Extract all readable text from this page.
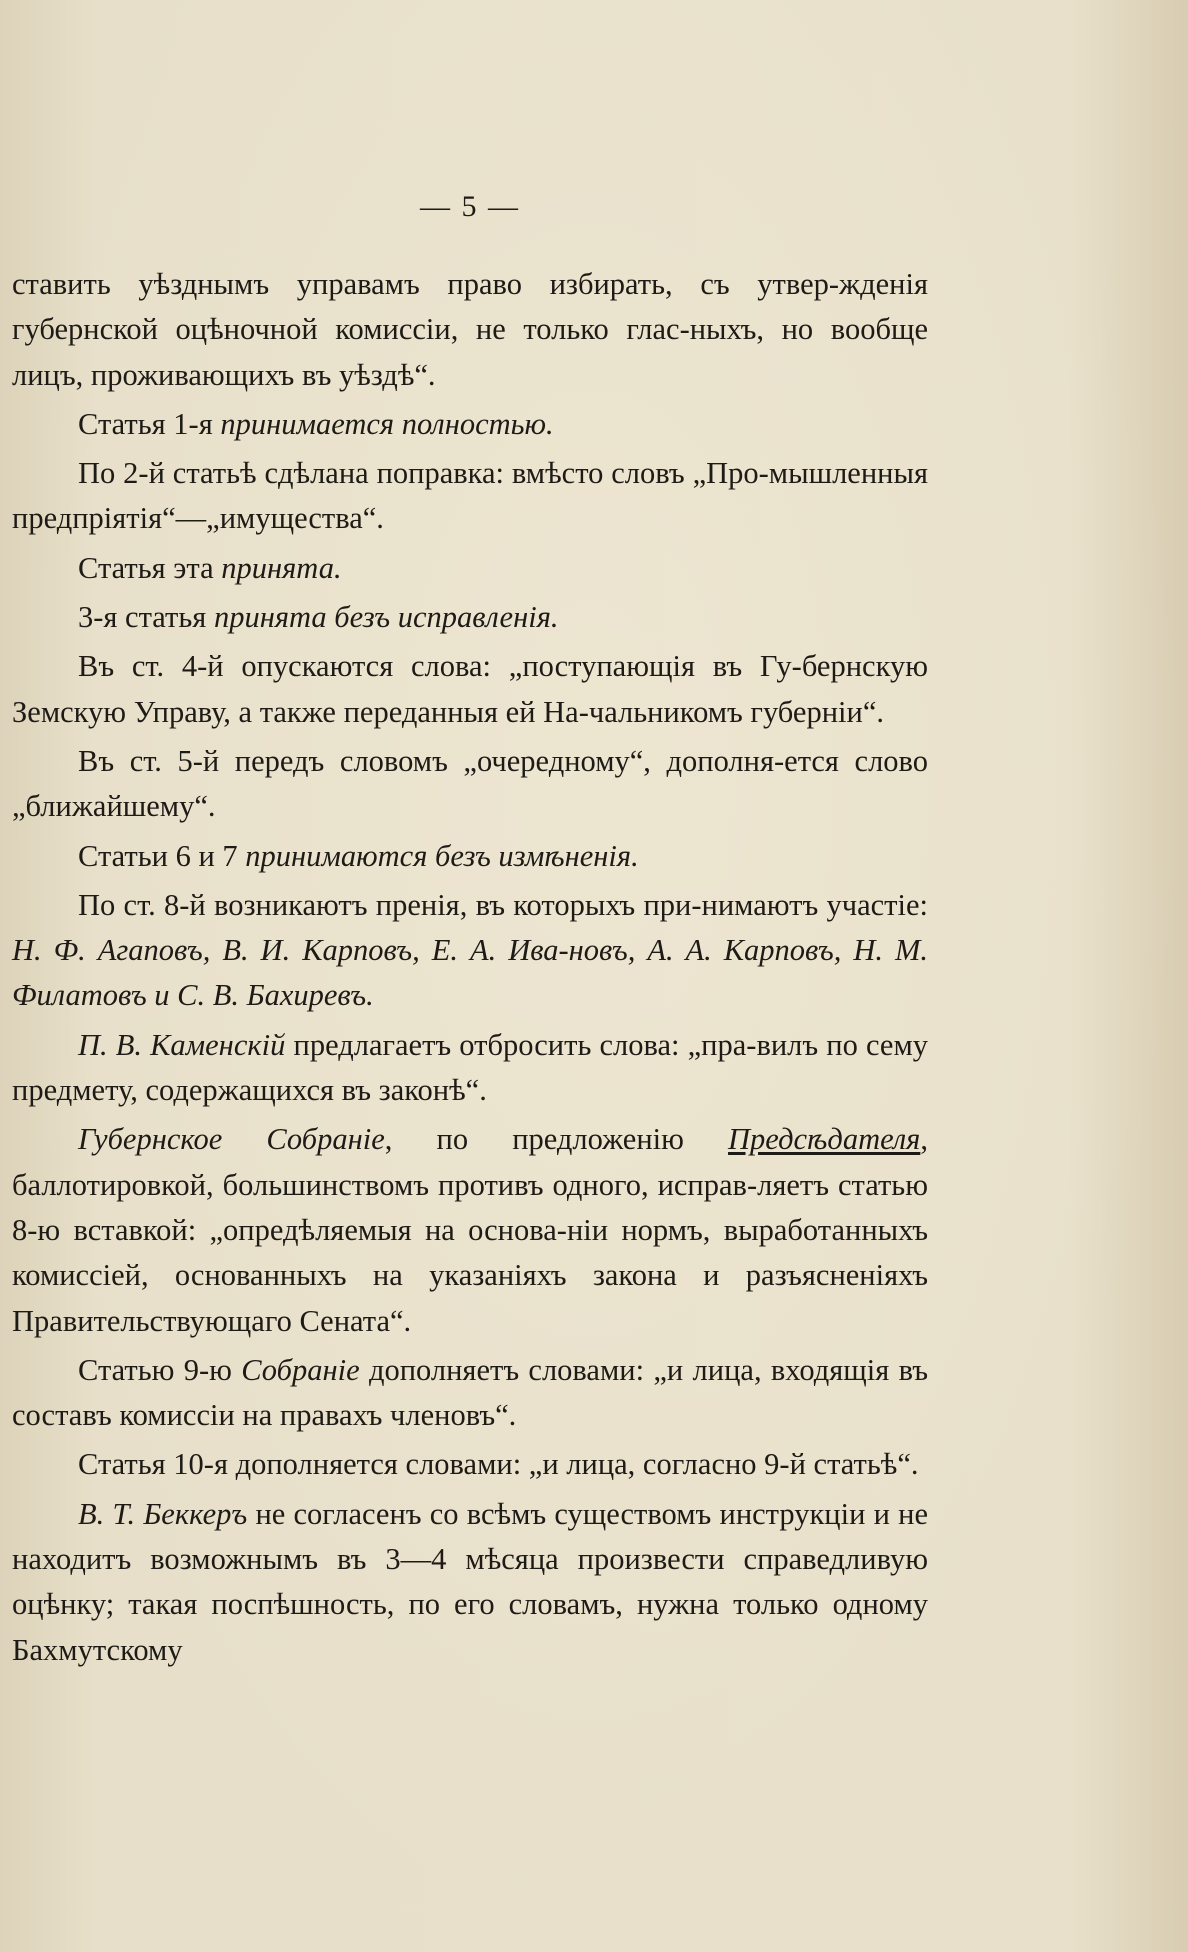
— 5 —

ставить уѣзднымъ управамъ право избирать, съ утвер-жденія губернской оцѣночной комиссіи, не только глас-ныхъ, но вообще лицъ, проживающихъ въ уѣздѣ“.

Статья 1-я принимается полностью.

По 2-й статьѣ сдѣлана поправка: вмѣсто словъ „Про-мышленныя предпріятія“—„имущества“.

Статья эта принята.

3-я статья принята безъ исправленія.

Въ ст. 4-й опускаются слова: „поступающія въ Гу-бернскую Земскую Управу, а также переданныя ей На-чальникомъ губерніи“.

Въ ст. 5-й передъ словомъ „очередному“, дополня-ется слово „ближайшему“.

Статьи 6 и 7 принимаются безъ измѣненія.

По ст. 8-й возникаютъ пренія, въ которыхъ при-нимаютъ участіе: Н. Ф. Агаповъ, В. И. Карповъ, Е. А. Ива-новъ, А. А. Карповъ, Н. М. Филатовъ и С. В. Бахиревъ.

П. В. Каменскій предлагаетъ отбросить слова: „пра-вилъ по сему предмету, содержащихся въ законѣ“.

Губернское Собраніе, по предложенію Предсѣдателя, баллотировкой, большинствомъ противъ одного, исправ-ляетъ статью 8-ю вставкой: „опредѣляемыя на основа-ніи нормъ, выработанныхъ комиссіей, основанныхъ на указаніяхъ закона и разъясненіяхъ Правительствующаго Сената“.

Статью 9-ю Собраніе дополняетъ словами: „и лица, входящія въ составъ комиссіи на правахъ членовъ“.

Статья 10-я дополняется словами: „и лица, согласно 9-й статьѣ“.

В. Т. Беккеръ не согласенъ со всѣмъ существомъ инструкціи и не находитъ возможнымъ въ 3—4 мѣсяца произвести справедливую оцѣнку; такая поспѣшность, по его словамъ, нужна только одному Бахмутскому
